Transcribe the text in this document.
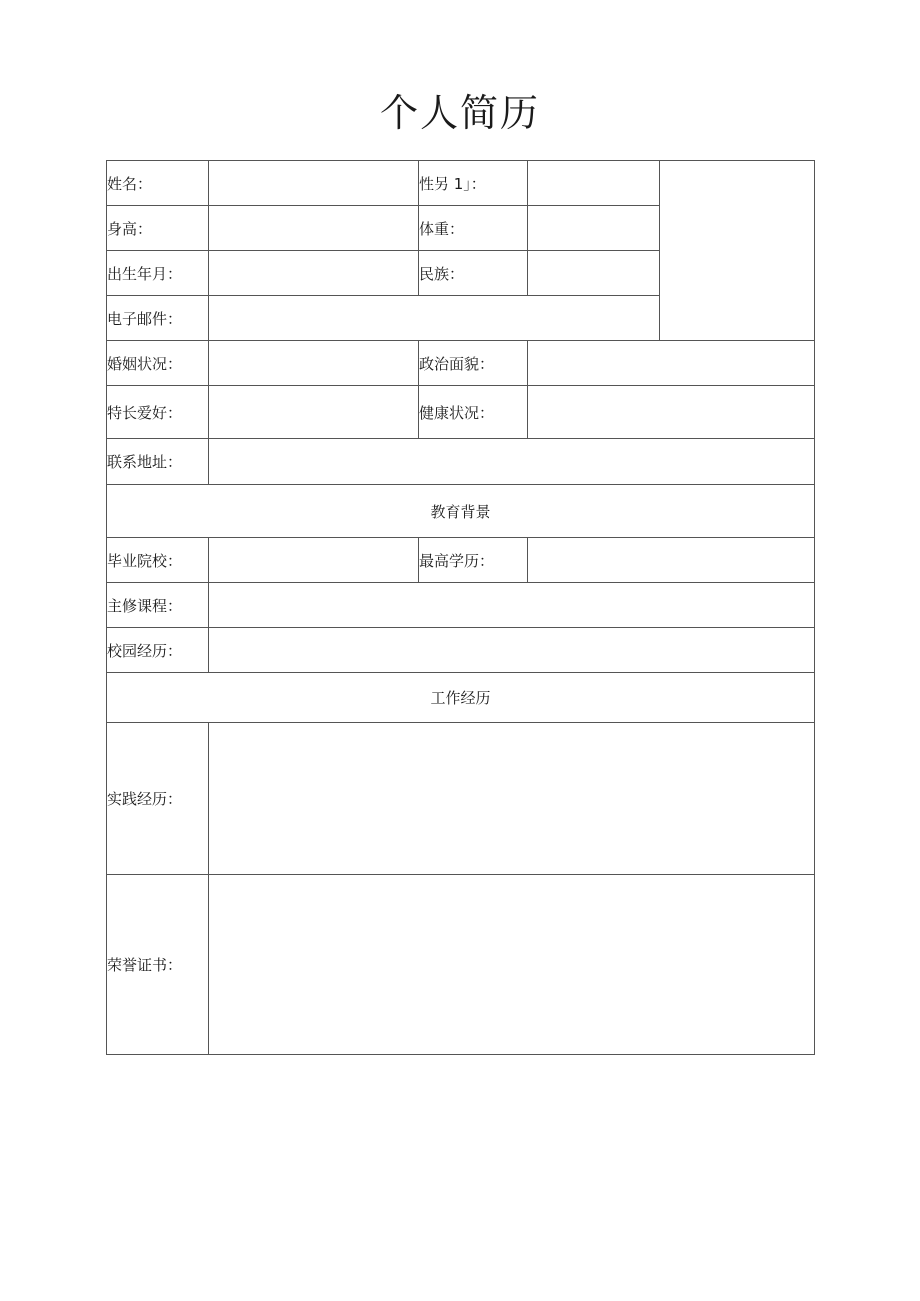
个人简历
姓名：		性另 1」：		
身高：		体重：		
出生年月：		民族：		
电子邮件：				
婚姻状况：		政治面貌：		
特长爱好：		健康状况：		
联系地址：				
教育背景				
毕业院校：		最高学历：		
主修课程：				
校园经历：				
工作经历				
实践经历：				
荣誉证书：				
